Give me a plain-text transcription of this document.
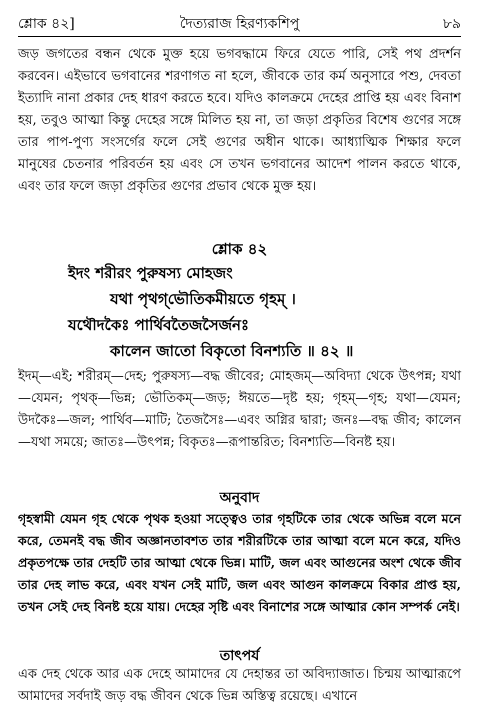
শ্লোক ৪২]	দৈত্যরাজ হিরণ্যকশিপু	৮৯

জড় জগতের বন্ধন থেকে মুক্ত হয়ে ভগবদ্ধামে ফিরে যেতে পারি, সেই পথ প্রদর্শন করবেন। এইভাবে ভগবানের শরণাগত না হলে, জীবকে তার কর্ম অনুসারে পশু, দেবতা ইত্যাদি নানা প্রকার দেহ ধারণ করতে হবে। যদিও কালক্রমে দেহের প্রাপ্তি হয় এবং বিনাশ হয়, তবুও আত্মা কিন্তু দেহের সঙ্গে মিলিত হয় না, তা জড়া প্রকৃতির বিশেষ গুণের সঙ্গে তার পাপ-পুণ্য সংসর্গের ফলে সেই গুণের অধীন থাকে। আধ্যাত্মিক শিক্ষার ফলে মানুষের চেতনার পরিবর্তন হয় এবং সে তখন ভগবানের আদেশ পালন করতে থাকে, এবং তার ফলে জড়া প্রকৃতির গুণের প্রভাব থেকে মুক্ত হয়।

শ্লোক ৪২
ইদং শরীরং পুরুষস্য মোহজং
যথা পৃথগ্‌ভৌতিকমীয়তে গৃহম্‌ ।
যথৌদকৈঃ পার্থিবতৈজসৈর্জনঃ
কালেন জাতো বিকৃতো বিনশ্যতি ॥ ৪২ ॥

ইদম্‌—এই; শরীরম্‌—দেহ; পুরুষস্য—বদ্ধ জীবের; মোহজম্‌—অবিদ্যা থেকে উৎপন্ন; যথা—যেমন; পৃথক্‌—ভিন্ন; ভৌতিকম্‌—জড়; ঈয়তে—দৃষ্ট হয়; গৃহম্‌—গৃহ; যথা—যেমন; উদকৈঃ—জল; পার্থিব—মাটি; তৈজসৈঃ—এবং অগ্নির দ্বারা; জনঃ—বদ্ধ জীব; কালেন—যথা সময়ে; জাতঃ—উৎপন্ন; বিকৃতঃ—রূপান্তরিত; বিনশ্যতি—বিনষ্ট হয়।

অনুবাদ

গৃহস্বামী যেমন গৃহ থেকে পৃথক হওয়া সত্ত্বেও তার গৃহটিকে তার থেকে অভিন্ন বলে মনে করে, তেমনই বদ্ধ জীব অজ্ঞানতাবশত তার শরীরটিকে তার আত্মা বলে মনে করে, যদিও প্রকৃতপক্ষে তার দেহটি তার আত্মা থেকে ভিন্ন। মাটি, জল এবং আগুনের অংশ থেকে জীব তার দেহ লাভ করে, এবং যখন সেই মাটি, জল এবং আগুন কালক্রমে বিকার প্রাপ্ত হয়, তখন সেই দেহ বিনষ্ট হয়ে যায়। দেহের সৃষ্টি এবং বিনাশের সঙ্গে আত্মার কোন সম্পর্ক নেই।

তাৎপর্য

এক দেহ থেকে আর এক দেহে আমাদের যে দেহান্তর তা অবিদ্যাজাত। চিন্ময় আত্মারূপে আমাদের সর্বদাই জড় বদ্ধ জীবন থেকে ভিন্ন অস্তিত্ব রয়েছে। এখানে
